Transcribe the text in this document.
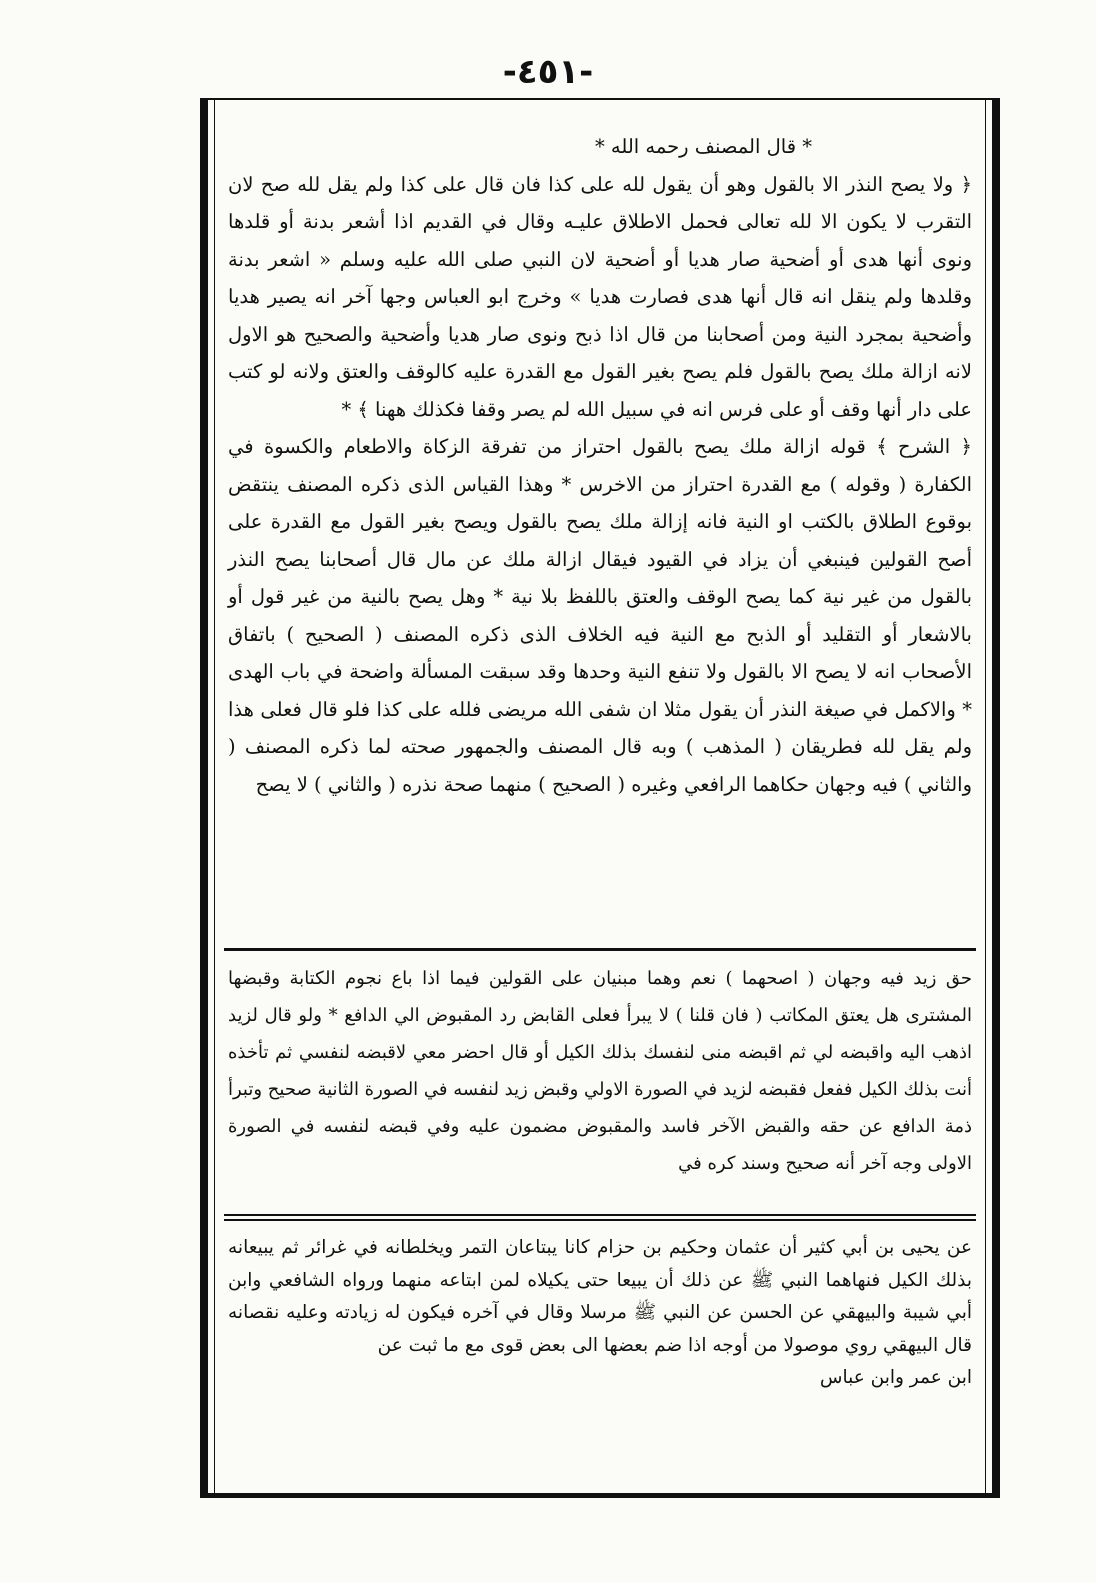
-٤٥١-

* قال المصنف رحمه الله *

﴿ ولا يصح النذر الا بالقول وهو أن يقول لله على كذا فان قال على كذا ولم يقل لله صح لان التقرب لا يكون الا لله تعالى فحمل الاطلاق عليـه وقال في القديم اذا أشعر بدنة أو قلدها ونوى أنها هدى أو أضحية صار هديا أو أضحية لان النبي صلى الله عليه وسلم « اشعر بدنة وقلدها ولم ينقل انه قال أنها هدى فصارت هديا » وخرج ابو العباس وجها آخر انه يصير هديا وأضحية بمجرد النية ومن أصحابنا من قال اذا ذبح ونوى صار هديا وأضحية والصحيح هو الاول لانه ازالة ملك يصح بالقول فلم يصح بغير القول مع القدرة عليه كالوقف والعتق ولانه لو كتب على دار أنها وقف أو على فرس انه في سبيل الله لم يصر وقفا فكذلك ههنا ﴾ *

﴿ الشرح ﴾ قوله ازالة ملك يصح بالقول احتراز من تفرقة الزكاة والاطعام والكسوة في الكفارة ( وقوله ) مع القدرة احتراز من الاخرس * وهذا القياس الذى ذكره المصنف ينتقض بوقوع الطلاق بالكتب او النية فانه إزالة ملك يصح بالقول ويصح بغير القول مع القدرة على أصح القولين فينبغي أن يزاد في القيود فيقال ازالة ملك عن مال قال أصحابنا يصح النذر بالقول من غير نية كما يصح الوقف والعتق باللفظ بلا نية * وهل يصح بالنية من غير قول أو بالاشعار أو التقليد أو الذبح مع النية فيه الخلاف الذى ذكره المصنف ( الصحيح ) باتفاق الأصحاب انه لا يصح الا بالقول ولا تنفع النية وحدها وقد سبقت المسألة واضحة في باب الهدى * والاكمل في صيغة النذر أن يقول مثلا ان شفى الله مريضى فلله على كذا فلو قال فعلى هذا ولم يقل لله فطريقان ( المذهب ) وبه قال المصنف والجمهور صحته لما ذكره المصنف ( والثاني ) فيه وجهان حكاهما الرافعي وغيره ( الصحيح ) منهما صحة نذره ( والثاني ) لا يصح

حق زيد فيه وجهان ( اصحهما ) نعم وهما مبنيان على القولين فيما اذا باع نجوم الكتابة وقبضها المشترى هل يعتق المكاتب ( فان قلنا ) لا يبرأ فعلى القابض رد المقبوض الي الدافع * ولو قال لزيد اذهب اليه واقبضه لي ثم اقبضه منى لنفسك بذلك الكيل أو قال احضر معي لاقبضه لنفسي ثم تأخذه أنت بذلك الكيل ففعل فقبضه لزيد في الصورة الاولي وقبض زيد لنفسه في الصورة الثانية صحيح وتبرأ ذمة الدافع عن حقه والقبض الآخر فاسد والمقبوض مضمون عليه وفي قبضه لنفسه في الصورة الاولى وجه آخر أنه صحيح وسند كره في

عن يحيى بن أبي كثير أن عثمان وحكيم بن حزام كانا يبتاعان التمر ويخلطانه في غرائر ثم يبيعانه بذلك الكيل فنهاهما النبي ﷺ عن ذلك أن يبيعا حتى يكيلاه لمن ابتاعه منهما ورواه الشافعي وابن أبي شيبة والبيهقي عن الحسن عن النبي ﷺ مرسلا وقال في آخره فيكون له زيادته وعليه نقصانه قال البيهقي روي موصولا من أوجه اذا ضم بعضها الى بعض قوى مع ما ثبت عن

ابن عمر وابن عباس
